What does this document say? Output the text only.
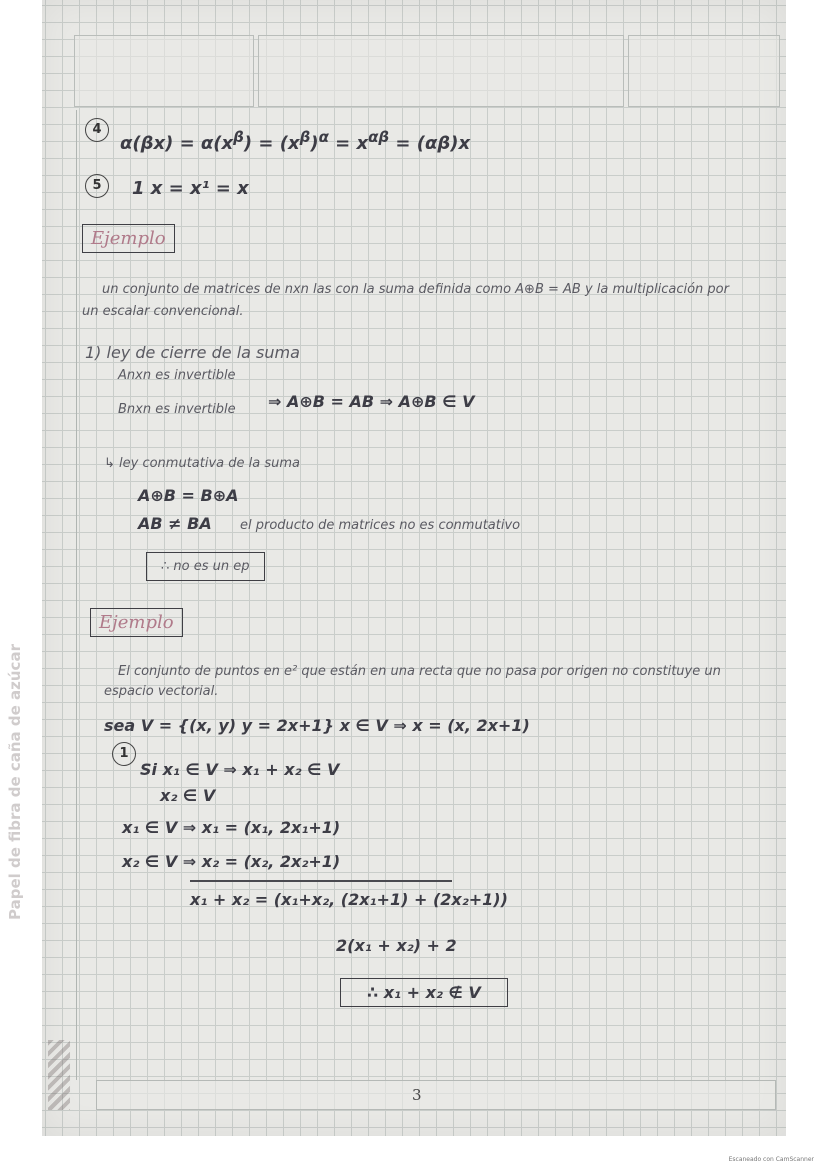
4
$\alpha(\beta x) = \alpha(x^\beta) = (x^\beta)^\alpha = x^{\alpha\beta} = (\alpha\beta)x$
5	1 x = x¹ = x
Ejemplo
un conjunto de matrices de nxn las con la suma definida como A⊕B = AB y la multiplicación por
un escalar convencional.
1) ley de cierre de la suma
Anxn es invertible
Bnxn es invertible ⇒ A⊕B = AB ⇒ A⊕B ∈ V
↳ ley conmutativa de la suma
A⊕B = B⊕A
AB ≠ BA el producto de matrices no es conmutativo
∴ no es un ep
Ejemplo
El conjunto de puntos en e² que están en una recta que no pasa por origen no constituye un
espacio vectorial.
sea V = {(x, y) y = 2x+1} x ∈ V ⇒ x = (x, 2x+1)
1
Si x₁ ∈ V ⇒ x₁ + x₂ ∈ V
x₂ ∈ V
x₁ ∈ V ⇒ x₁ = (x₁, 2x₁+1)
x₂ ∈ V ⇒ x₂ = (x₂, 2x₂+1)
x₁ + x₂ = (x₁+x₂, (2x₁+1) + (2x₂+1))
2(x₁ + x₂) + 2
∴ x₁ + x₂ ∉ V
3
Papel de fibra de caña de azúcar
Escaneado con CamScanner
